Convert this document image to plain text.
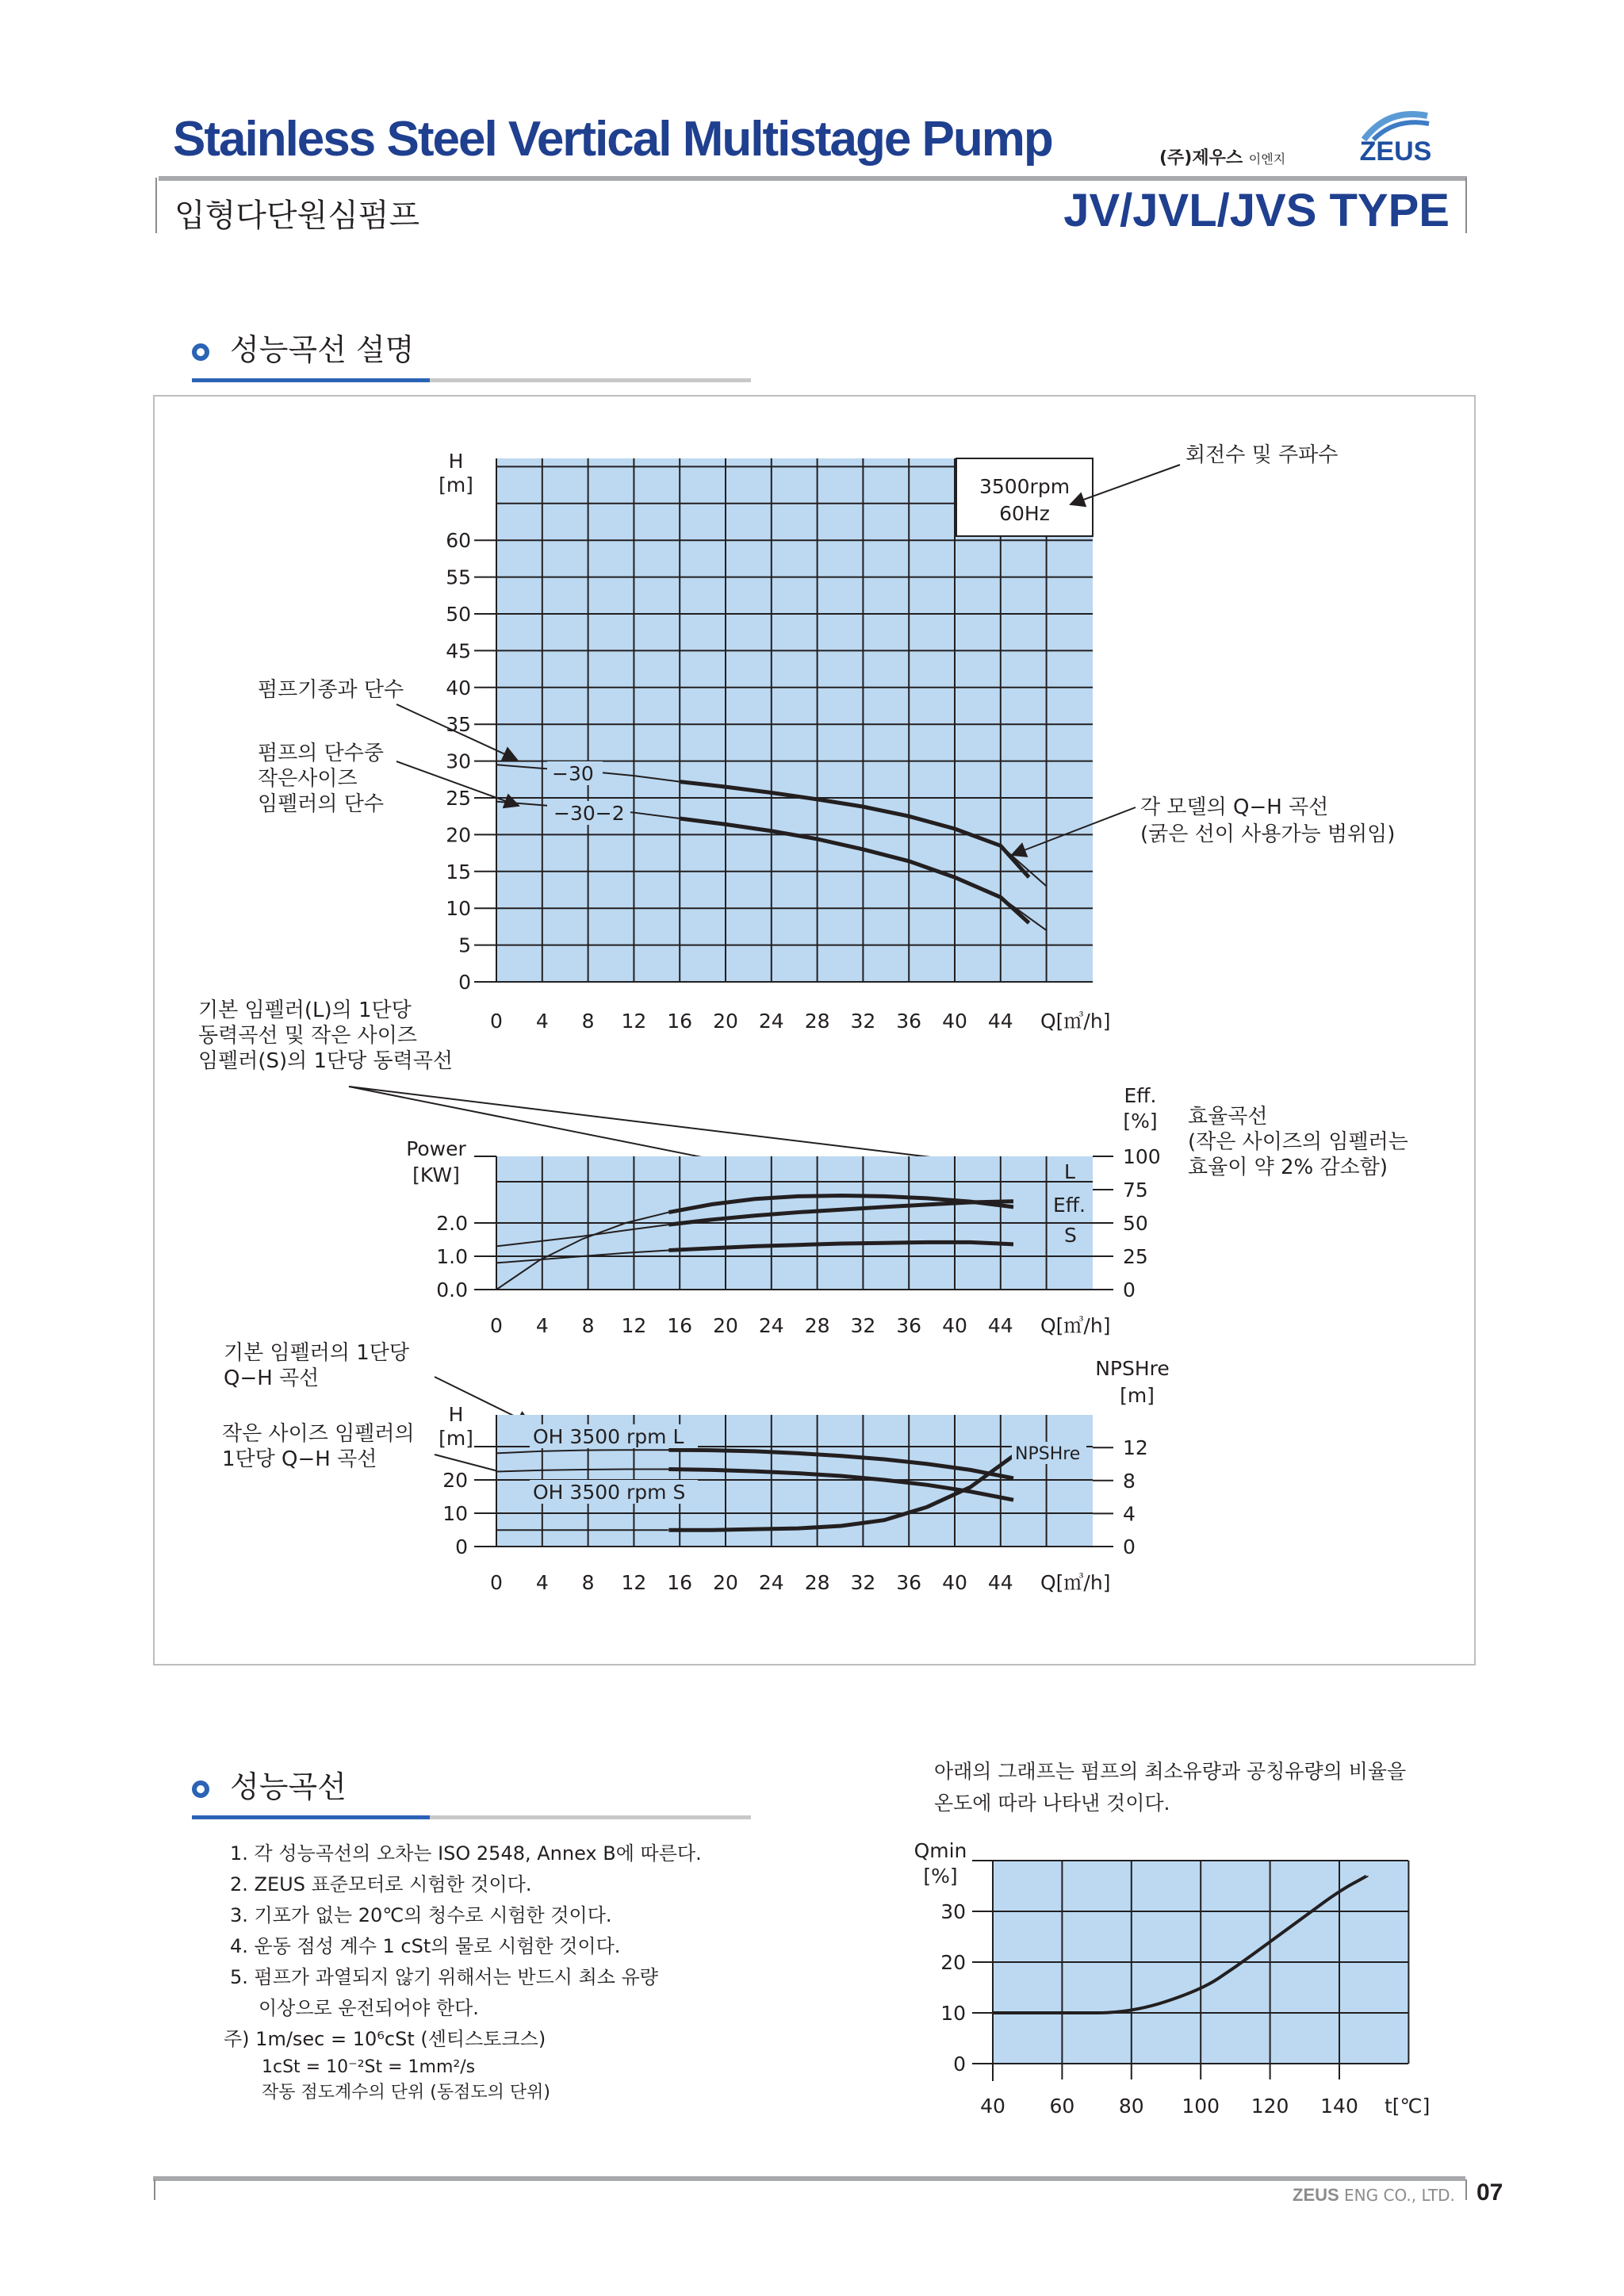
Stainless Steel Vertical Multistage Pump	(주)제우스 이엔지	ZEUS
입형다단원심펌프	JV/JVL/JVS TYPE
성능곡선 설명
3500rpm
60Hz
H
[m]
0
5
10
15
20
25
30
35
40
45
50
55
60
0 4 8 12 16 20 24 28 32 36 40 44 Q[㎥/h]
−30
−30−2
회전수 및 주파수
펌프기종과 단수
펌프의 단수중
작은사이즈
임펠러의 단수	각 모델의 Q−H 곡선
(굵은 선이 사용가능 범위임)
기본 임펠러(L)의 1단당
동력곡선 및 작은 사이즈
임펠러(S)의 1단당 동력곡선
Power
[KW]
0.0
1.0
2.0
Eff.
[%]
0
25
50
75
100
0 4 8 12 16 20 24 28 32 36 40 44 Q[㎥/h]
L
Eff.
S
효율곡선
(작은 사이즈의 임펠러는
효율이 약 2% 감소함)
기본 임펠러의 1단당
Q−H 곡선
작은 사이즈 임펠러의
1단당 Q−H 곡선
H
[m]
0
10
20
NPSHre
[m]
0
4
8
12
0 4 8 12 16 20 24 28 32 36 40 44 Q[㎥/h]
OH 3500 rpm L
OH 3500 rpm S
NPSHre
Qmin
[%]
0
10
20
30
40 60 80 100 120 140 t[℃]
성능곡선
1. 각 성능곡선의 오차는 ISO 2548, Annex B에 따른다.
2. ZEUS 표준모터로 시험한 것이다.
3. 기포가 없는 20℃의 청수로 시험한 것이다.
4. 운동 점성 계수 1 cSt의 물로 시험한 것이다.
5. 펌프가 과열되지 않기 위해서는 반드시 최소 유량
이상으로 운전되어야 한다.
주) 1m/sec = 10⁶cSt (센티스토크스)
1cSt = 10⁻²St = 1mm²/s
작동 점도계수의 단위 (동점도의 단위)
아래의 그래프는 펌프의 최소유량과 공칭유량의 비율을
온도에 따라 나타낸 것이다.
ZEUS ENG CO., LTD. 07
